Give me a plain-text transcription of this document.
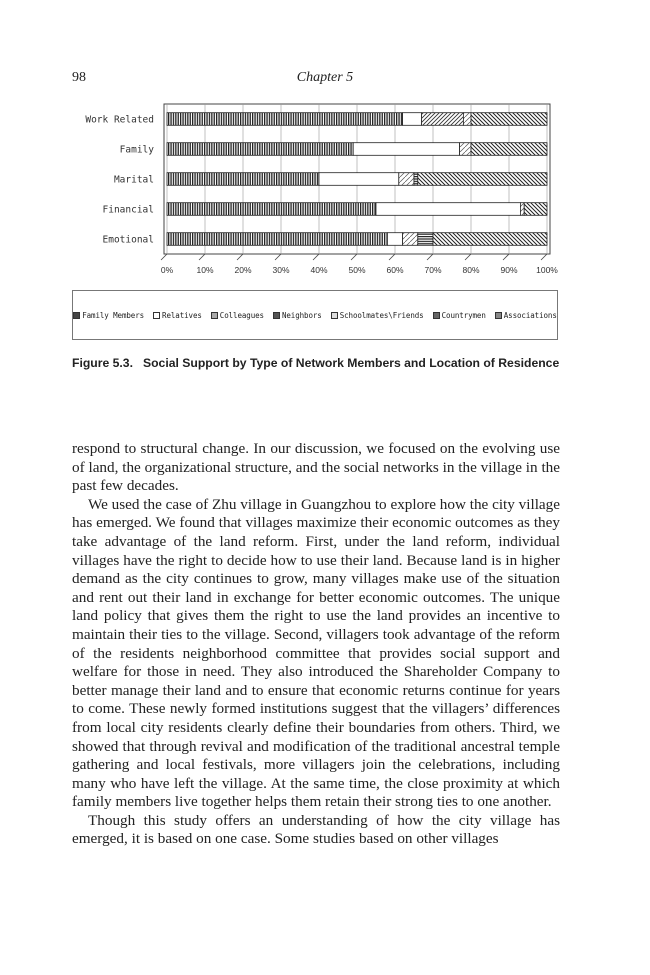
98	Chapter 5
Work Related
Family
Marital
Financial
Emotional
0%	10% 20% 30% 40% 50% 60% 70% 80% 90% 100%
Family Members Relatives Colleagues Neighbors Schoolmates\Friends Countrymen Associations
Figure 5.3. Social Support by Type of Network Members and Location of Residence

respond to structural change. In our discussion, we focused on the evolving use of land, the organizational structure, and the social networks in the village in the past few decades.

We used the case of Zhu village in Guangzhou to explore how the city village has emerged. We found that villages maximize their economic outcomes as they take advantage of the land reform. First, under the land reform, individual villages have the right to decide how to use their land. Because land is in higher demand as the city continues to grow, many villages make use of the situation and rent out their land in exchange for better economic outcomes. The unique land policy that gives them the right to use the land provides an incentive to maintain their ties to the village. Second, villagers took advantage of the reform of the residents neighborhood committee that provides social support and welfare for those in need. They also introduced the Shareholder Company to better manage their land and to ensure that economic returns continue for years to come. These newly formed institutions suggest that the villagers’ differences from local city residents clearly define their boundaries from others. Third, we showed that through revival and modification of the traditional ancestral temple gathering and local festivals, more villagers join the celebrations, including many who have left the village. At the same time, the close proximity at which family members live together helps them retain their strong ties to one another.

Though this study offers an understanding of how the city village has emerged, it is based on one case. Some studies based on other villages
